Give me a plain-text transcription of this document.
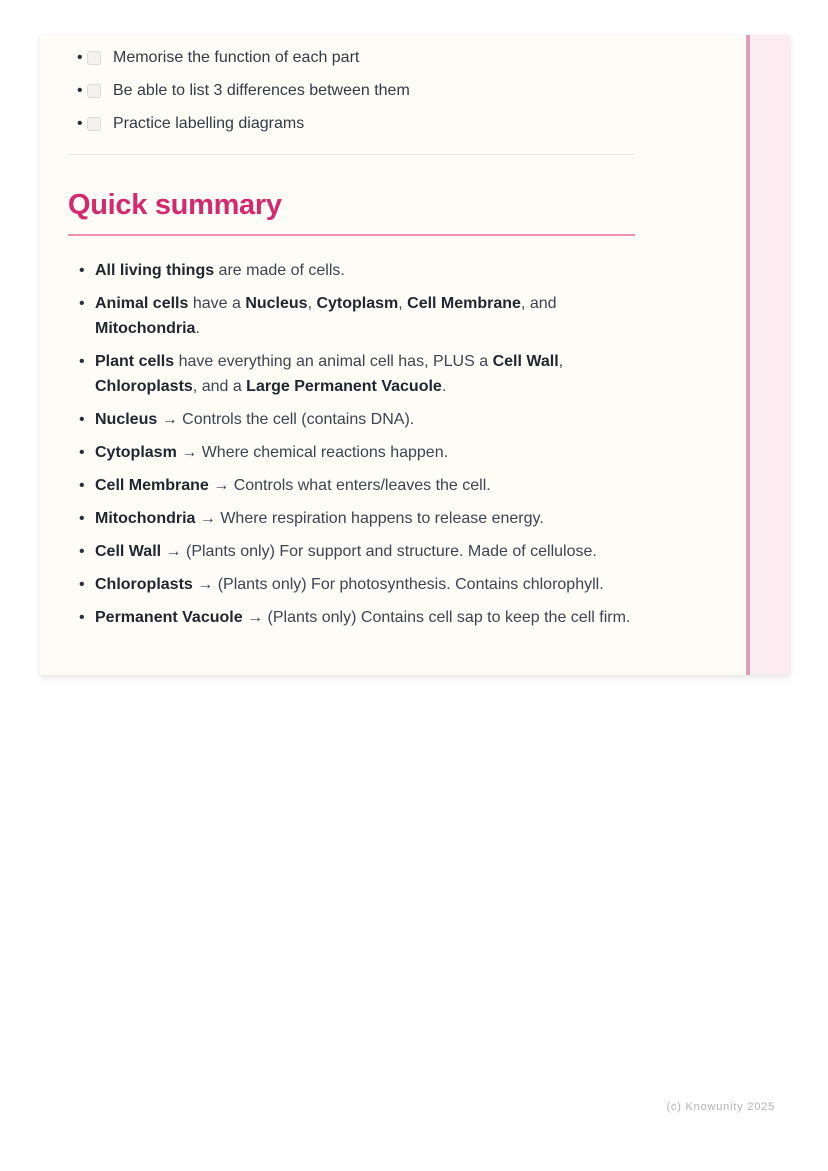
• Memorise the function of each part
• Be able to list 3 differences between them
• Practice labelling diagrams
Quick summary
• All living things are made of cells.
• Animal cells have a Nucleus, Cytoplasm, Cell Membrane, and Mitochondria.
• Plant cells have everything an animal cell has, PLUS a Cell Wall, Chloroplasts, and a Large Permanent Vacuole.
• Nucleus → Controls the cell (contains DNA).
• Cytoplasm → Where chemical reactions happen.
• Cell Membrane → Controls what enters/leaves the cell.
• Mitochondria → Where respiration happens to release energy.
• Cell Wall → (Plants only) For support and structure. Made of cellulose.
• Chloroplasts → (Plants only) For photosynthesis. Contains chlorophyll.
• Permanent Vacuole → (Plants only) Contains cell sap to keep the cell firm.
(c) Knowunity 2025
